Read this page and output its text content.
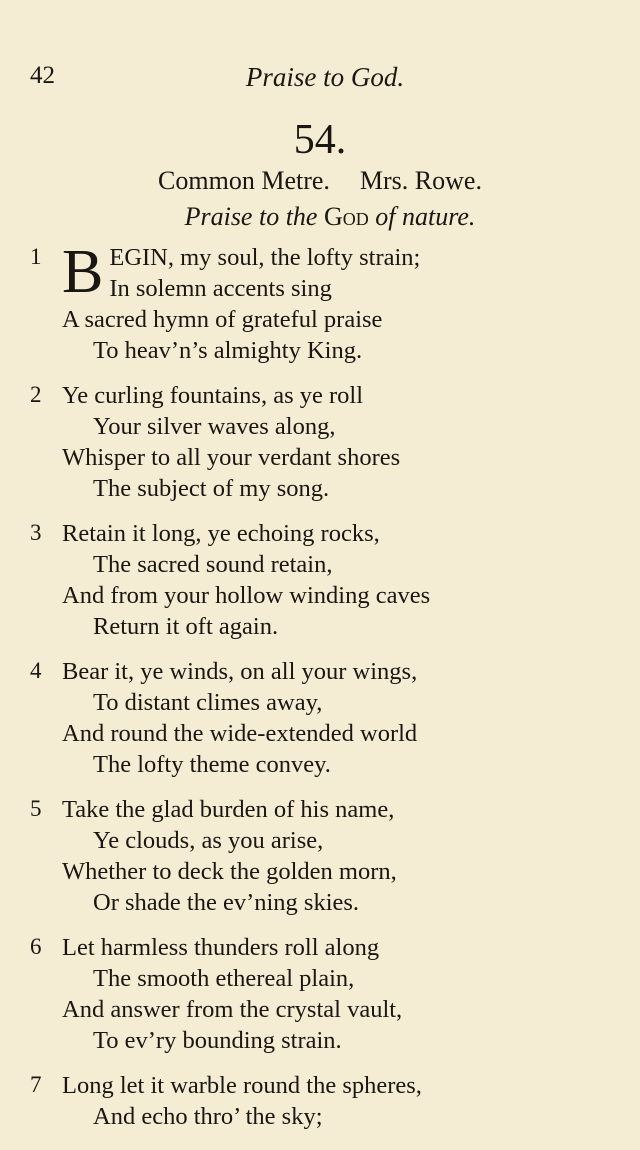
42	Praise to God.
54.
Common Metre. Mrs. Rowe.
Praise to the God of nature.
1 B EGIN, my soul, the lofty strain;
In solemn accents sing
A sacred hymn of grateful praise
To heav’n’s almighty King.
2 Ye curling fountains, as ye roll
Your silver waves along,
Whisper to all your verdant shores
The subject of my song.
3 Retain it long, ye echoing rocks,
The sacred sound retain,
And from your hollow winding caves
Return it oft again.
4 Bear it, ye winds, on all your wings,
To distant climes away,
And round the wide-extended world
The lofty theme convey.
5 Take the glad burden of his name,
Ye clouds, as you arise,
Whether to deck the golden morn,
Or shade the ev’ning skies.
6 Let harmless thunders roll along
The smooth ethereal plain,
And answer from the crystal vault,
To ev’ry bounding strain.
7 Long let it warble round the spheres,
And echo thro’ the sky;
